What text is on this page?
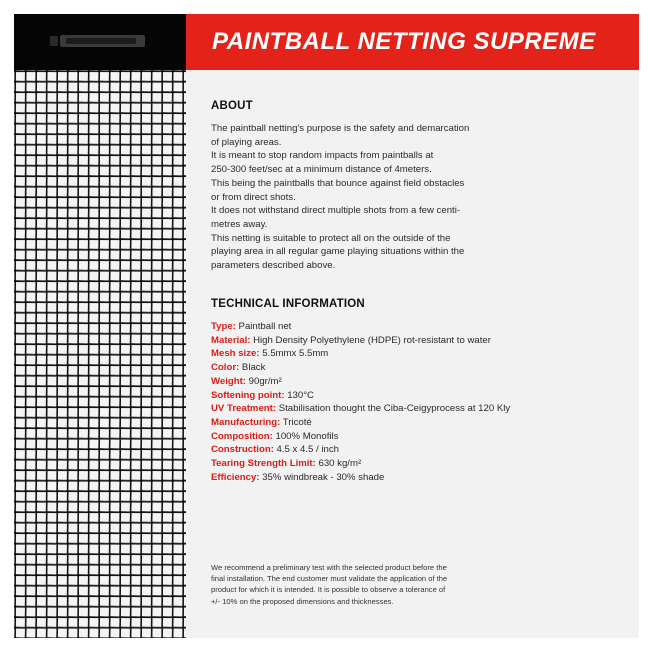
PAINTBALL NETTING SUPREME
ABOUT

The paintball netting's purpose is the safety and demarcation

of playing areas.

It is meant to stop random impacts from paintballs at

250-300 feet/sec at a minimum distance of 4meters.

This being the paintballs that bounce against field obstacles

or from direct shots.

It does not withstand direct multiple shots from a few centi-

metres away.

This netting is suitable to protect all on the outside of the

playing area in all regular game playing situations within the

parameters described above.

TECHNICAL INFORMATION

Type: Paintball net

Material: High Density Polyethylene (HDPE) rot-resistant to water

Mesh size: 5.5mmx 5.5mm

Color: Black

Weight: 90gr/m²

Softening point: 130°C

UV Treatment: Stabilisation thought the Ciba-Ceigyprocess at 120 Kly

Manufacturing: Tricoté

Composition: 100% Monofils

Construction: 4.5 x 4.5 / inch

Tearing Strength Limit: 630 kg/m²

Efficiency: 35% windbreak - 30% shade

We recommend a preliminary test with the selected product before the

final installation. The end customer must validate the application of the

product for which it is intended. It is possible to observe a tolerance of

+/- 10% on the proposed dimensions and thicknesses.
